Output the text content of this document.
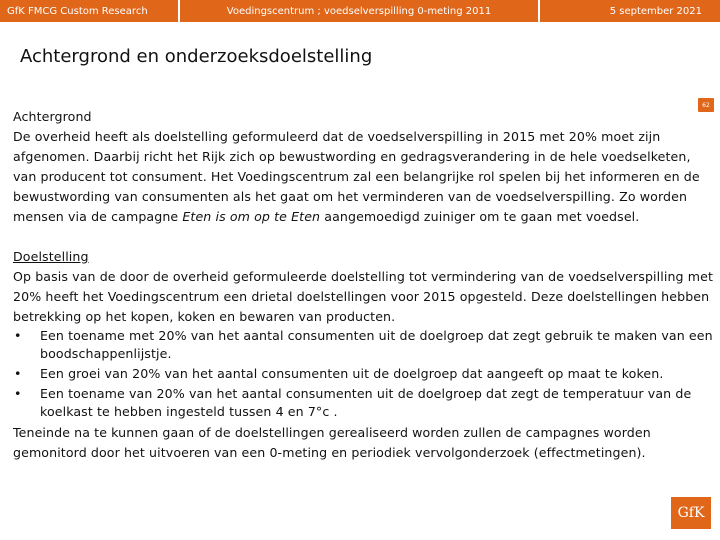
GfK FMCG Custom Research	Voedingscentrum ; voedselverspilling 0-meting 2011	5 september 2021
Achtergrond en onderzoeksdoelstelling
62

Achtergrond

De overheid heeft als doelstelling geformuleerd dat de voedselverspilling in 2015 met 20% moet zijn afgenomen. Daarbij richt het Rijk zich op bewustwording en gedragsverandering in de hele voedselketen, van producent tot consument. Het Voedingscentrum zal een belangrijke rol spelen bij het informeren en de bewustwording van consumenten als het gaat om het verminderen van de voedselverspilling. Zo worden mensen via de campagne Eten is om op te Eten aangemoedigd zuiniger om te gaan met voedsel.

Doelstelling

Op basis van de door de overheid geformuleerde doelstelling tot vermindering van de voedselverspilling met 20% heeft het Voedingscentrum een drietal doelstellingen voor 2015 opgesteld. Deze doelstellingen hebben betrekking op het kopen, koken en bewaren van producten.

• Een toename met 20% van het aantal consumenten uit de doelgroep dat zegt gebruik te maken van een boodschappenlijstje.
• Een groei van 20% van het aantal consumenten uit de doelgroep dat aangeeft op maat te koken.
• Een toename van 20% van het aantal consumenten uit de doelgroep dat zegt de temperatuur van de koelkast te hebben ingesteld tussen 4 en 7°c .

Teneinde na te kunnen gaan of de doelstellingen gerealiseerd worden zullen de campagnes worden gemonitord door het uitvoeren van een 0-meting en periodiek vervolgonderzoek (effectmetingen).

GfK
